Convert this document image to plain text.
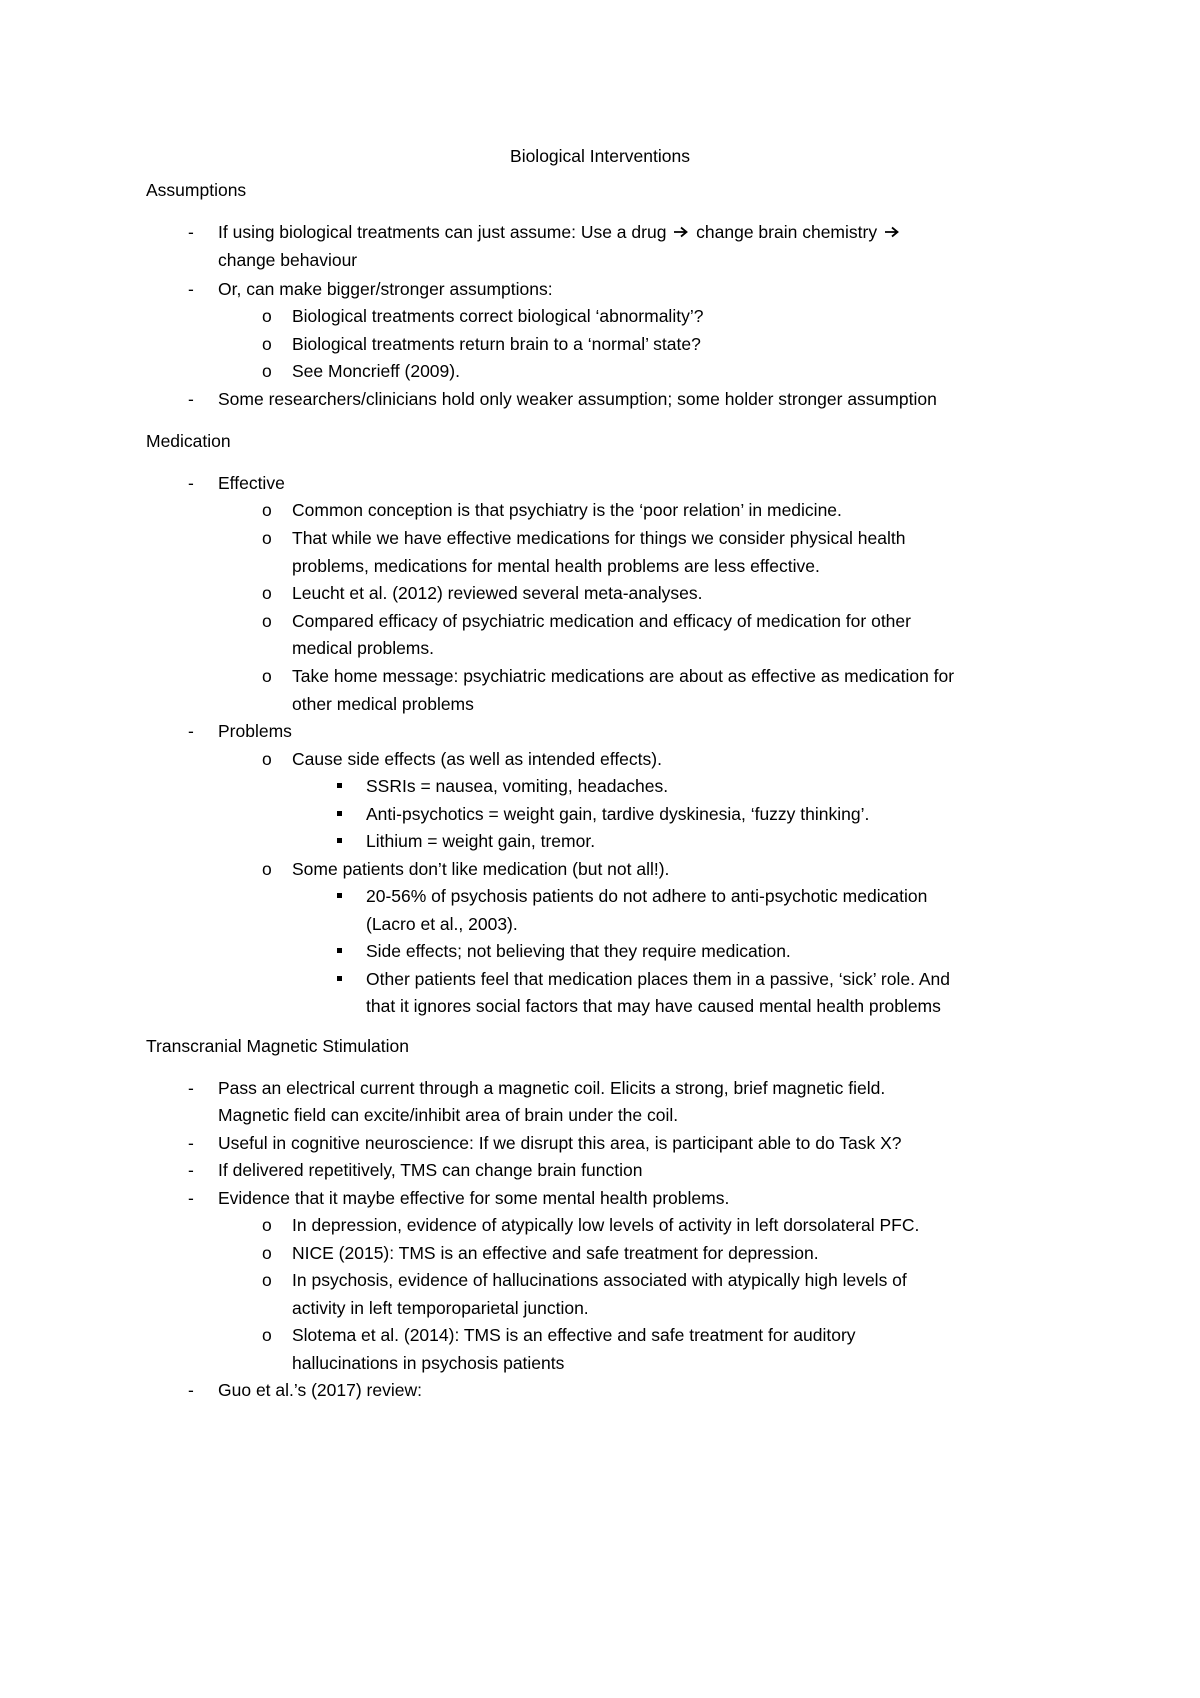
Biological Interventions
Assumptions
-	If using biological treatments can just assume: Use a drug  change brain chemistry
change behaviour
-	Or, can make bigger/stronger assumptions:
o Biological treatments correct biological ‘abnormality’?
o Biological treatments return brain to a ‘normal’ state?
o See Moncrieff (2009).
-	Some researchers/clinicians hold only weaker assumption; some holder stronger assumption
Medication
-	Effective
o Common conception is that psychiatry is the ‘poor relation’ in medicine.
o That while we have effective medications for things we consider physical health
problems, medications for mental health problems are less effective.
o Leucht et al. (2012) reviewed several meta-analyses.
o Compared efficacy of psychiatric medication and efficacy of medication for other
medical problems.
o Take home message: psychiatric medications are about as effective as medication for
other medical problems
-	Problems
o Cause side effects (as well as intended effects).
SSRIs = nausea, vomiting, headaches.
Anti-psychotics = weight gain, tardive dyskinesia, ‘fuzzy thinking’.
Lithium = weight gain, tremor.
o Some patients don’t like medication (but not all!).
20-56% of psychosis patients do not adhere to anti-psychotic medication
(Lacro et al., 2003).
Side effects; not believing that they require medication.
Other patients feel that medication places them in a passive, ‘sick’ role. And
that it ignores social factors that may have caused mental health problems
Transcranial Magnetic Stimulation
-	Pass an electrical current through a magnetic coil. Elicits a strong, brief magnetic field.
Magnetic field can excite/inhibit area of brain under the coil.
-	Useful in cognitive neuroscience: If we disrupt this area, is participant able to do Task X?
-	If delivered repetitively, TMS can change brain function
-	Evidence that it maybe effective for some mental health problems.
o In depression, evidence of atypically low levels of activity in left dorsolateral PFC.
o NICE (2015): TMS is an effective and safe treatment for depression.
o In psychosis, evidence of hallucinations associated with atypically high levels of
activity in left temporoparietal junction.
o Slotema et al. (2014): TMS is an effective and safe treatment for auditory
hallucinations in psychosis patients
-	Guo et al.’s (2017) review:
